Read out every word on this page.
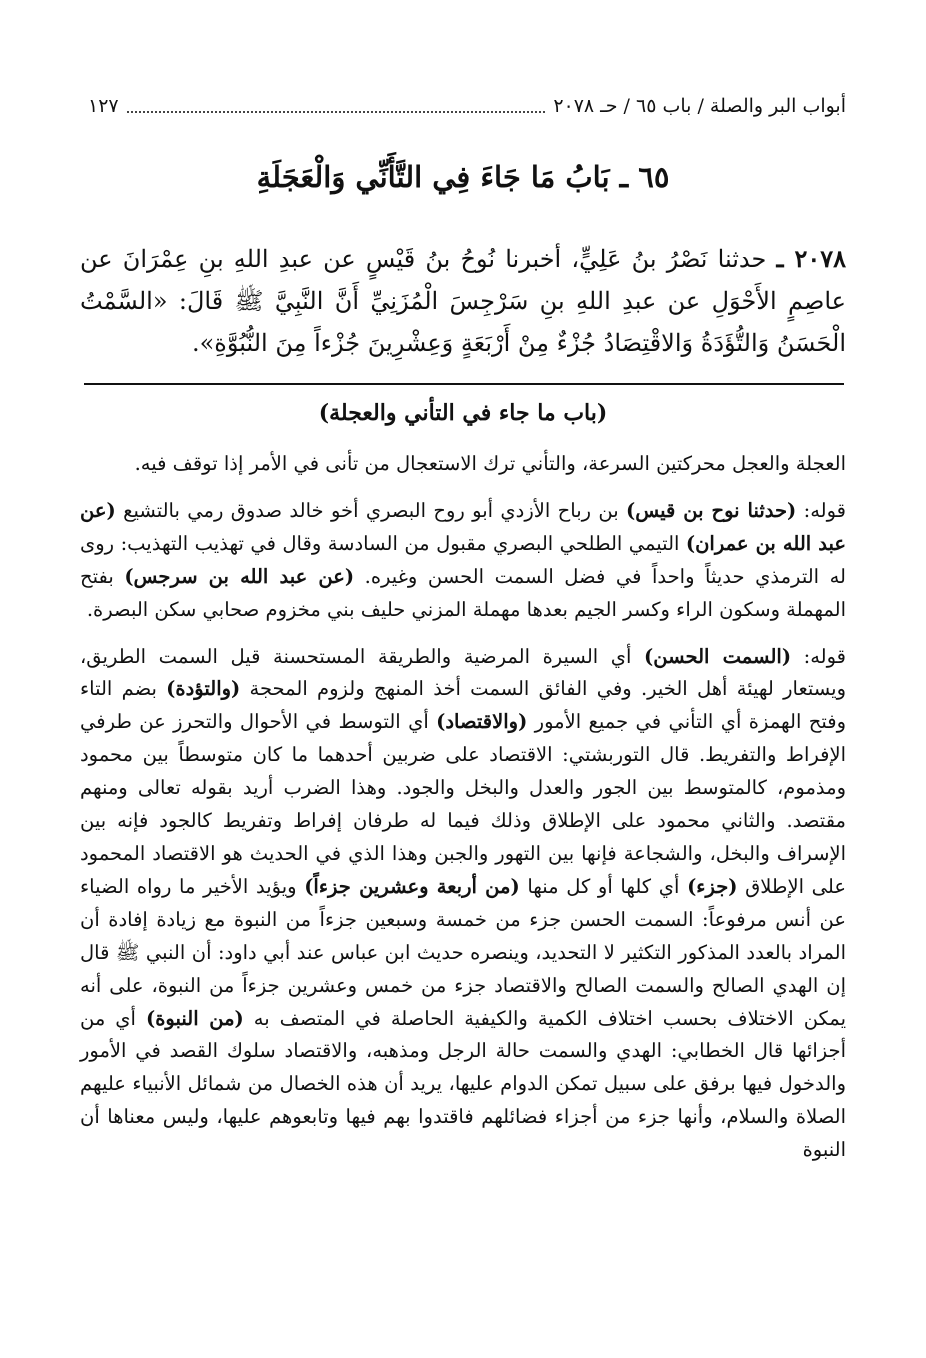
أبواب البر والصلة / باب ٦٥ / حـ ٢٠٧٨
١٢٧
٦٥ ـ بَابُ مَا جَاءَ فِي التَّأَنِّي وَالْعَجَلَةِ
٢٠٧٨ ـ حدثنا نَصْرُ بنُ عَلِيٍّ، أخبرنا نُوحُ بنُ قَيْسٍ عن عبدِ اللهِ بنِ عِمْرَانَ عن عاصِمٍ الأَحْوَلِ عن عبدِ اللهِ بنِ سَرْجِسَ الْمُزَنِيِّ أَنَّ النَّبِيَّ ﷺ قَالَ: «السَّمْتُ الْحَسَنُ وَالتُّؤَدَةُ وَالاقْتِصَادُ جُزْءٌ مِنْ أَرْبَعَةٍ وَعِشْرِينَ جُزْءاً مِنَ النُّبُوَّةِ».
(باب ما جاء في التأني والعجلة)

العجلة والعجل محركتين السرعة، والتأني ترك الاستعجال من تأنى في الأمر إذا توقف فيه.

قوله: (حدثنا نوح بن قيس) بن رباح الأزدي أبو روح البصري أخو خالد صدوق رمي بالتشيع (عن عبد الله بن عمران) التيمي الطلحي البصري مقبول من السادسة وقال في تهذيب التهذيب: روى له الترمذي حديثاً واحداً في فضل السمت الحسن وغيره. (عن عبد الله بن سرجس) بفتح المهملة وسكون الراء وكسر الجيم بعدها مهملة المزني حليف بني مخزوم صحابي سكن البصرة.

قوله: (السمت الحسن) أي السيرة المرضية والطريقة المستحسنة قيل السمت الطريق، ويستعار لهيئة أهل الخير. وفي الفائق السمت أخذ المنهج ولزوم المحجة (والتؤدة) بضم التاء وفتح الهمزة أي التأني في جميع الأمور (والاقتصاد) أي التوسط في الأحوال والتحرز عن طرفي الإفراط والتفريط. قال التوربشتي: الاقتصاد على ضربين أحدهما ما كان متوسطاً بين محمود ومذموم، كالمتوسط بين الجور والعدل والبخل والجود. وهذا الضرب أريد بقوله تعالى ومنهم مقتصد. والثاني محمود على الإطلاق وذلك فيما له طرفان إفراط وتفريط كالجود فإنه بين الإسراف والبخل، والشجاعة فإنها بين التهور والجبن وهذا الذي في الحديث هو الاقتصاد المحمود على الإطلاق (جزء) أي كلها أو كل منها (من أربعة وعشرين جزءاً) ويؤيد الأخير ما رواه الضياء عن أنس مرفوعاً: السمت الحسن جزء من خمسة وسبعين جزءاً من النبوة مع زيادة إفادة أن المراد بالعدد المذكور التكثير لا التحديد، وينصره حديث ابن عباس عند أبي داود: أن النبي ﷺ قال إن الهدي الصالح والسمت الصالح والاقتصاد جزء من خمس وعشرين جزءاً من النبوة، على أنه يمكن الاختلاف بحسب اختلاف الكمية والكيفية الحاصلة في المتصف به (من النبوة) أي من أجزائها قال الخطابي: الهدي والسمت حالة الرجل ومذهبه، والاقتصاد سلوك القصد في الأمور والدخول فيها برفق على سبيل تمكن الدوام عليها، يريد أن هذه الخصال من شمائل الأنبياء عليهم الصلاة والسلام، وأنها جزء من أجزاء فضائلهم فاقتدوا بهم فيها وتابعوهم عليها، وليس معناها أن النبوة
